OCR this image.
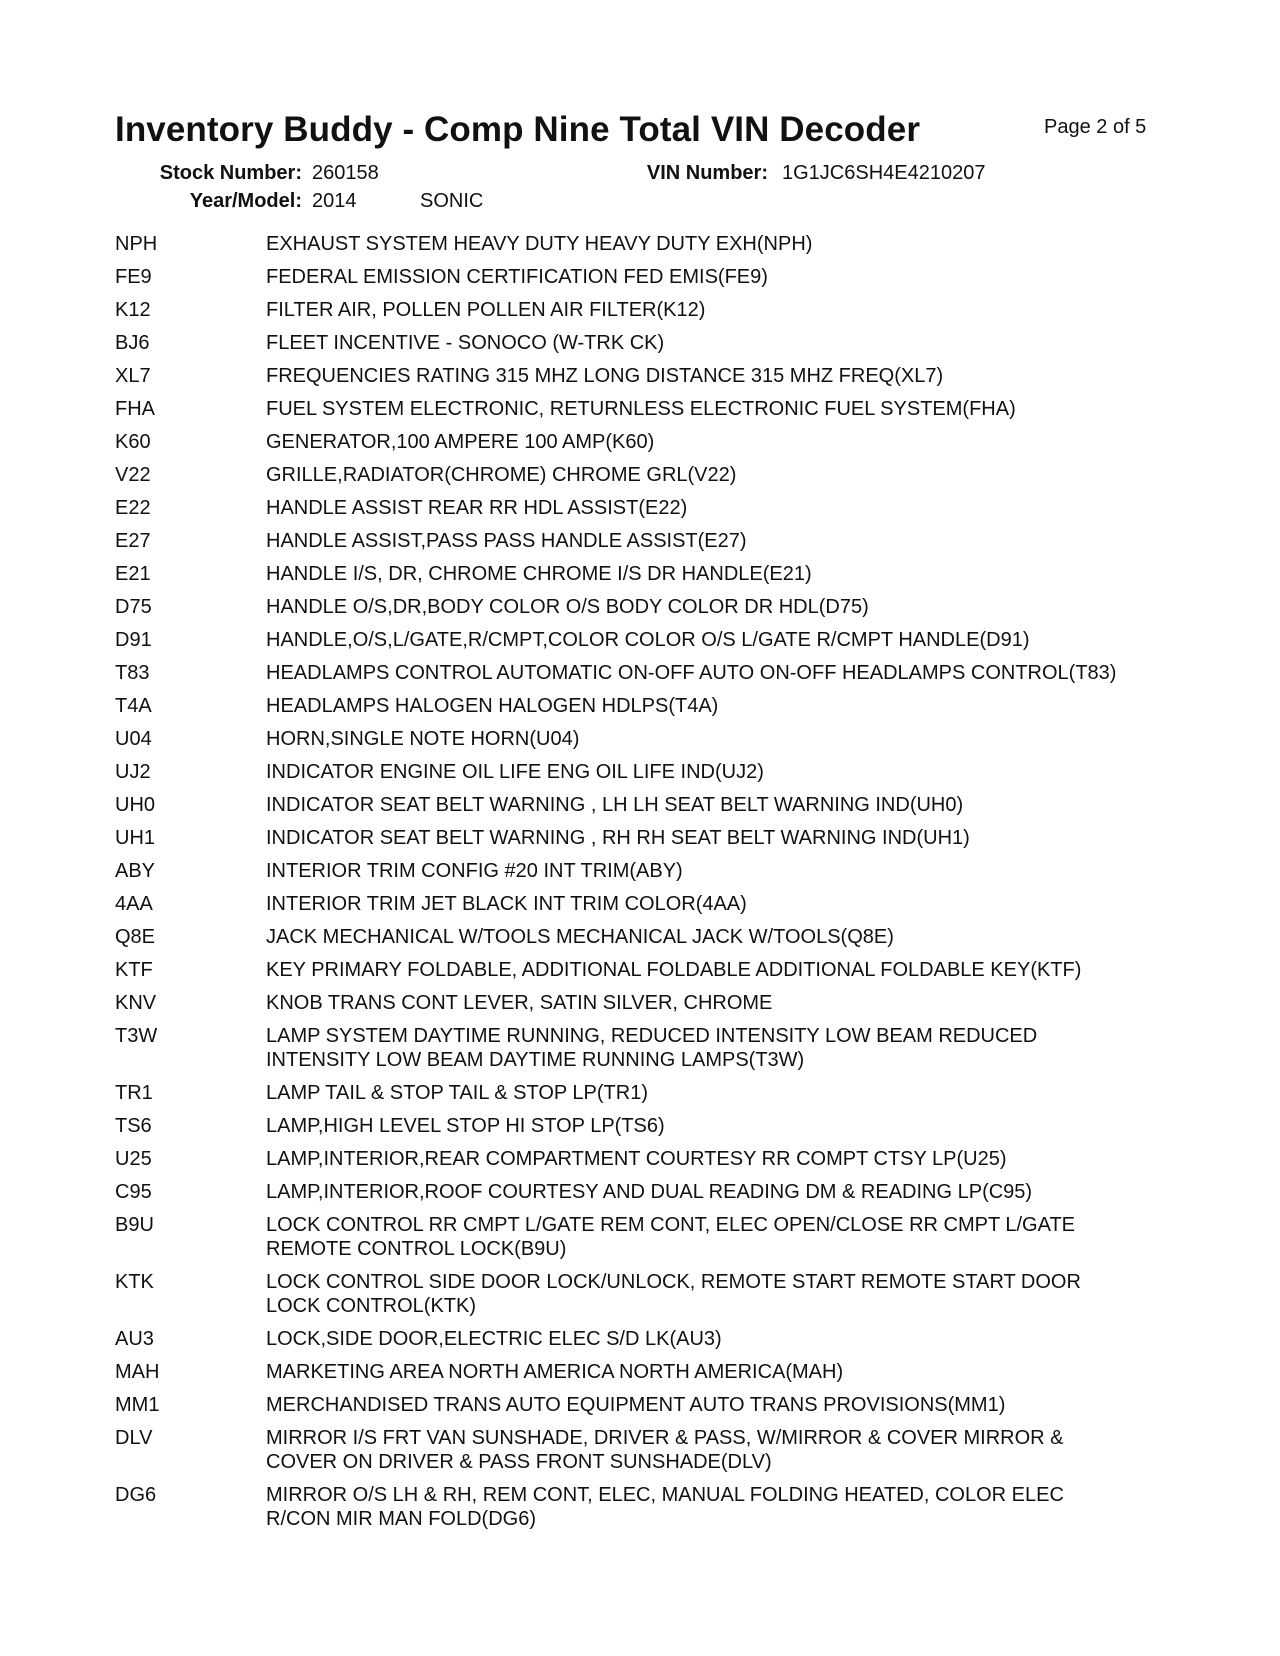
Inventory Buddy - Comp Nine Total VIN Decoder	Page 2 of 5
Stock Number: 260158	VIN Number: 1G1JC6SH4E4210207
Year/Model: 2014	SONIC
NPH	EXHAUST SYSTEM HEAVY DUTY HEAVY DUTY EXH(NPH)
FE9	FEDERAL EMISSION CERTIFICATION FED EMIS(FE9)
K12	FILTER AIR, POLLEN POLLEN AIR FILTER(K12)
BJ6	FLEET INCENTIVE - SONOCO (W-TRK CK)
XL7	FREQUENCIES RATING 315 MHZ LONG DISTANCE 315 MHZ FREQ(XL7)
FHA	FUEL SYSTEM ELECTRONIC, RETURNLESS ELECTRONIC FUEL SYSTEM(FHA)
K60	GENERATOR,100 AMPERE 100 AMP(K60)
V22	GRILLE,RADIATOR(CHROME) CHROME GRL(V22)
E22	HANDLE ASSIST REAR RR HDL ASSIST(E22)
E27	HANDLE ASSIST,PASS PASS HANDLE ASSIST(E27)
E21	HANDLE I/S, DR, CHROME CHROME I/S DR HANDLE(E21)
D75	HANDLE O/S,DR,BODY COLOR O/S BODY COLOR DR HDL(D75)
D91	HANDLE,O/S,L/GATE,R/CMPT,COLOR COLOR O/S L/GATE R/CMPT HANDLE(D91)
T83	HEADLAMPS CONTROL AUTOMATIC ON-OFF AUTO ON-OFF HEADLAMPS CONTROL(T83)
T4A	HEADLAMPS HALOGEN HALOGEN HDLPS(T4A)
U04	HORN,SINGLE NOTE HORN(U04)
UJ2	INDICATOR ENGINE OIL LIFE ENG OIL LIFE IND(UJ2)
UH0	INDICATOR SEAT BELT WARNING , LH LH SEAT BELT WARNING IND(UH0)
UH1	INDICATOR SEAT BELT WARNING , RH RH SEAT BELT WARNING IND(UH1)
ABY	INTERIOR TRIM CONFIG #20 INT TRIM(ABY)
4AA	INTERIOR TRIM JET BLACK INT TRIM COLOR(4AA)
Q8E	JACK MECHANICAL W/TOOLS MECHANICAL JACK W/TOOLS(Q8E)
KTF	KEY PRIMARY FOLDABLE, ADDITIONAL FOLDABLE ADDITIONAL FOLDABLE KEY(KTF)
KNV	KNOB TRANS CONT LEVER, SATIN SILVER, CHROME
T3W	LAMP SYSTEM DAYTIME RUNNING, REDUCED INTENSITY LOW BEAM REDUCED
INTENSITY LOW BEAM DAYTIME RUNNING LAMPS(T3W)
TR1	LAMP TAIL & STOP TAIL & STOP LP(TR1)
TS6	LAMP,HIGH LEVEL STOP HI STOP LP(TS6)
U25	LAMP,INTERIOR,REAR COMPARTMENT COURTESY RR COMPT CTSY LP(U25)
C95	LAMP,INTERIOR,ROOF COURTESY AND DUAL READING DM & READING LP(C95)
B9U	LOCK CONTROL RR CMPT L/GATE REM CONT, ELEC OPEN/CLOSE RR CMPT L/GATE
REMOTE CONTROL LOCK(B9U)
KTK	LOCK CONTROL SIDE DOOR LOCK/UNLOCK, REMOTE START REMOTE START DOOR
LOCK CONTROL(KTK)
AU3	LOCK,SIDE DOOR,ELECTRIC ELEC S/D LK(AU3)
MAH	MARKETING AREA NORTH AMERICA NORTH AMERICA(MAH)
MM1	MERCHANDISED TRANS AUTO EQUIPMENT AUTO TRANS PROVISIONS(MM1)
DLV	MIRROR I/S FRT VAN SUNSHADE, DRIVER & PASS, W/MIRROR & COVER MIRROR &
COVER ON DRIVER & PASS FRONT SUNSHADE(DLV)
DG6	MIRROR O/S LH & RH, REM CONT, ELEC, MANUAL FOLDING HEATED, COLOR ELEC
R/CON MIR MAN FOLD(DG6)
